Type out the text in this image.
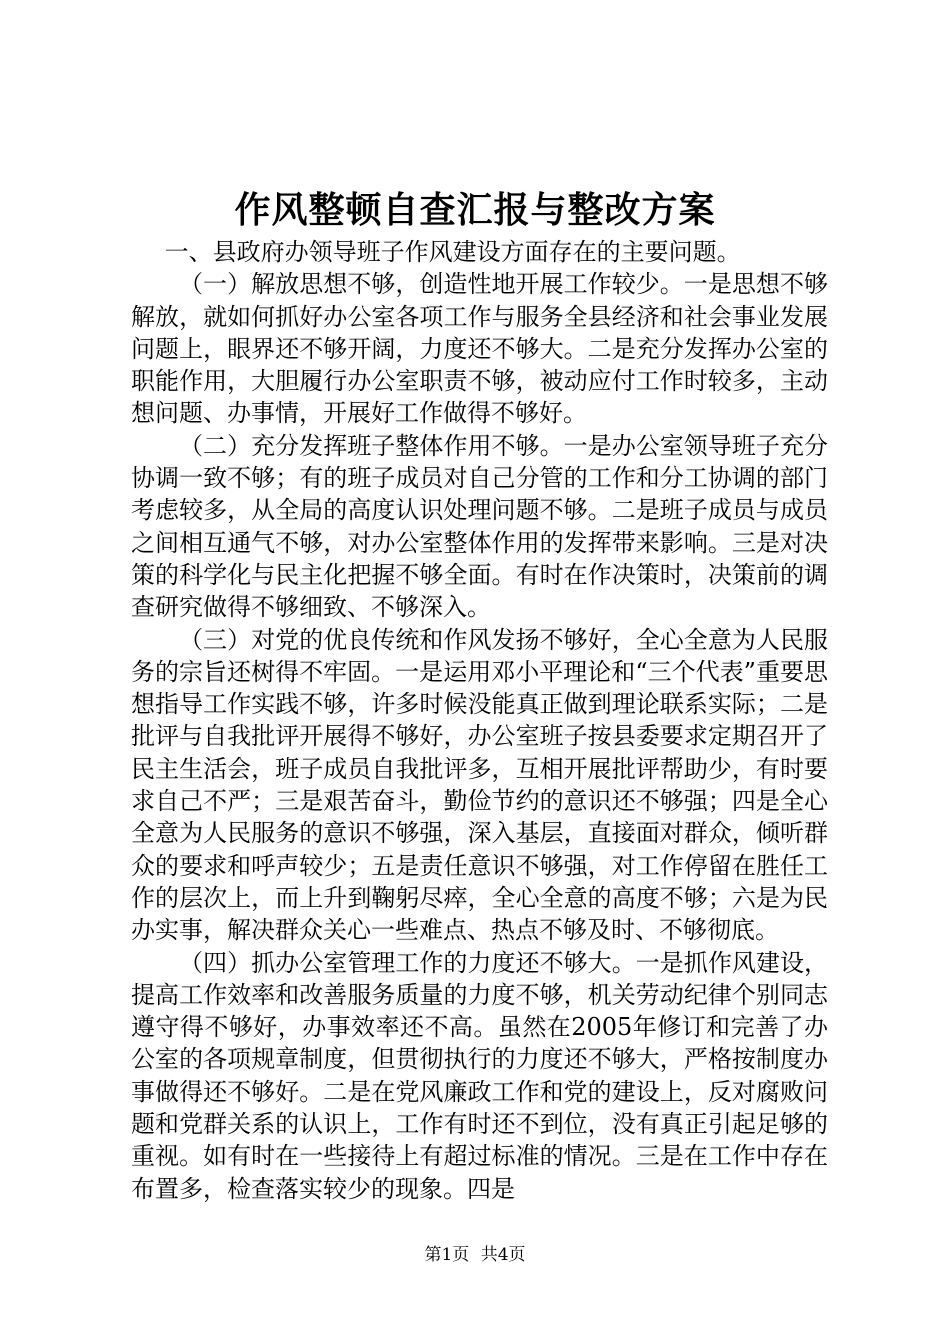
作风整顿自查汇报与整改方案

一、县政府办领导班子作风建设方面存在的主要问题。

（一）解放思想不够，创造性地开展工作较少。一是思想不够解放，就如何抓好办公室各项工作与服务全县经济和社会事业发展问题上，眼界还不够开阔，力度还不够大。二是充分发挥办公室的职能作用，大胆履行办公室职责不够，被动应付工作时较多，主动想问题、办事情，开展好工作做得不够好。

（二）充分发挥班子整体作用不够。一是办公室领导班子充分协调一致不够；有的班子成员对自己分管的工作和分工协调的部门考虑较多，从全局的高度认识处理问题不够。二是班子成员与成员之间相互通气不够，对办公室整体作用的发挥带来影响。三是对决策的科学化与民主化把握不够全面。有时在作决策时，决策前的调查研究做得不够细致、不够深入。

（三）对党的优良传统和作风发扬不够好，全心全意为人民服务的宗旨还树得不牢固。一是运用邓小平理论和“三个代表”重要思想指导工作实践不够，许多时候没能真正做到理论联系实际；二是批评与自我批评开展得不够好，办公室班子按县委要求定期召开了民主生活会，班子成员自我批评多，互相开展批评帮助少，有时要求自己不严；三是艰苦奋斗，勤俭节约的意识还不够强；四是全心全意为人民服务的意识不够强，深入基层，直接面对群众，倾听群众的要求和呼声较少；五是责任意识不够强，对工作停留在胜任工作的层次上，而上升到鞠躬尽瘁，全心全意的高度不够；六是为民办实事，解决群众关心一些难点、热点不够及时、不够彻底。

（四）抓办公室管理工作的力度还不够大。一是抓作风建设，提高工作效率和改善服务质量的力度不够，机关劳动纪律个别同志遵守得不够好，办事效率还不高。虽然在2005年修订和完善了办公室的各项规章制度，但贯彻执行的力度还不够大，严格按制度办事做得还不够好。二是在党风廉政工作和党的建设上，反对腐败问题和党群关系的认识上，工作有时还不到位，没有真正引起足够的重视。如有时在一些接待上有超过标准的情况。三是在工作中存在布置多，检查落实较少的现象。四是

第1页 共4页
